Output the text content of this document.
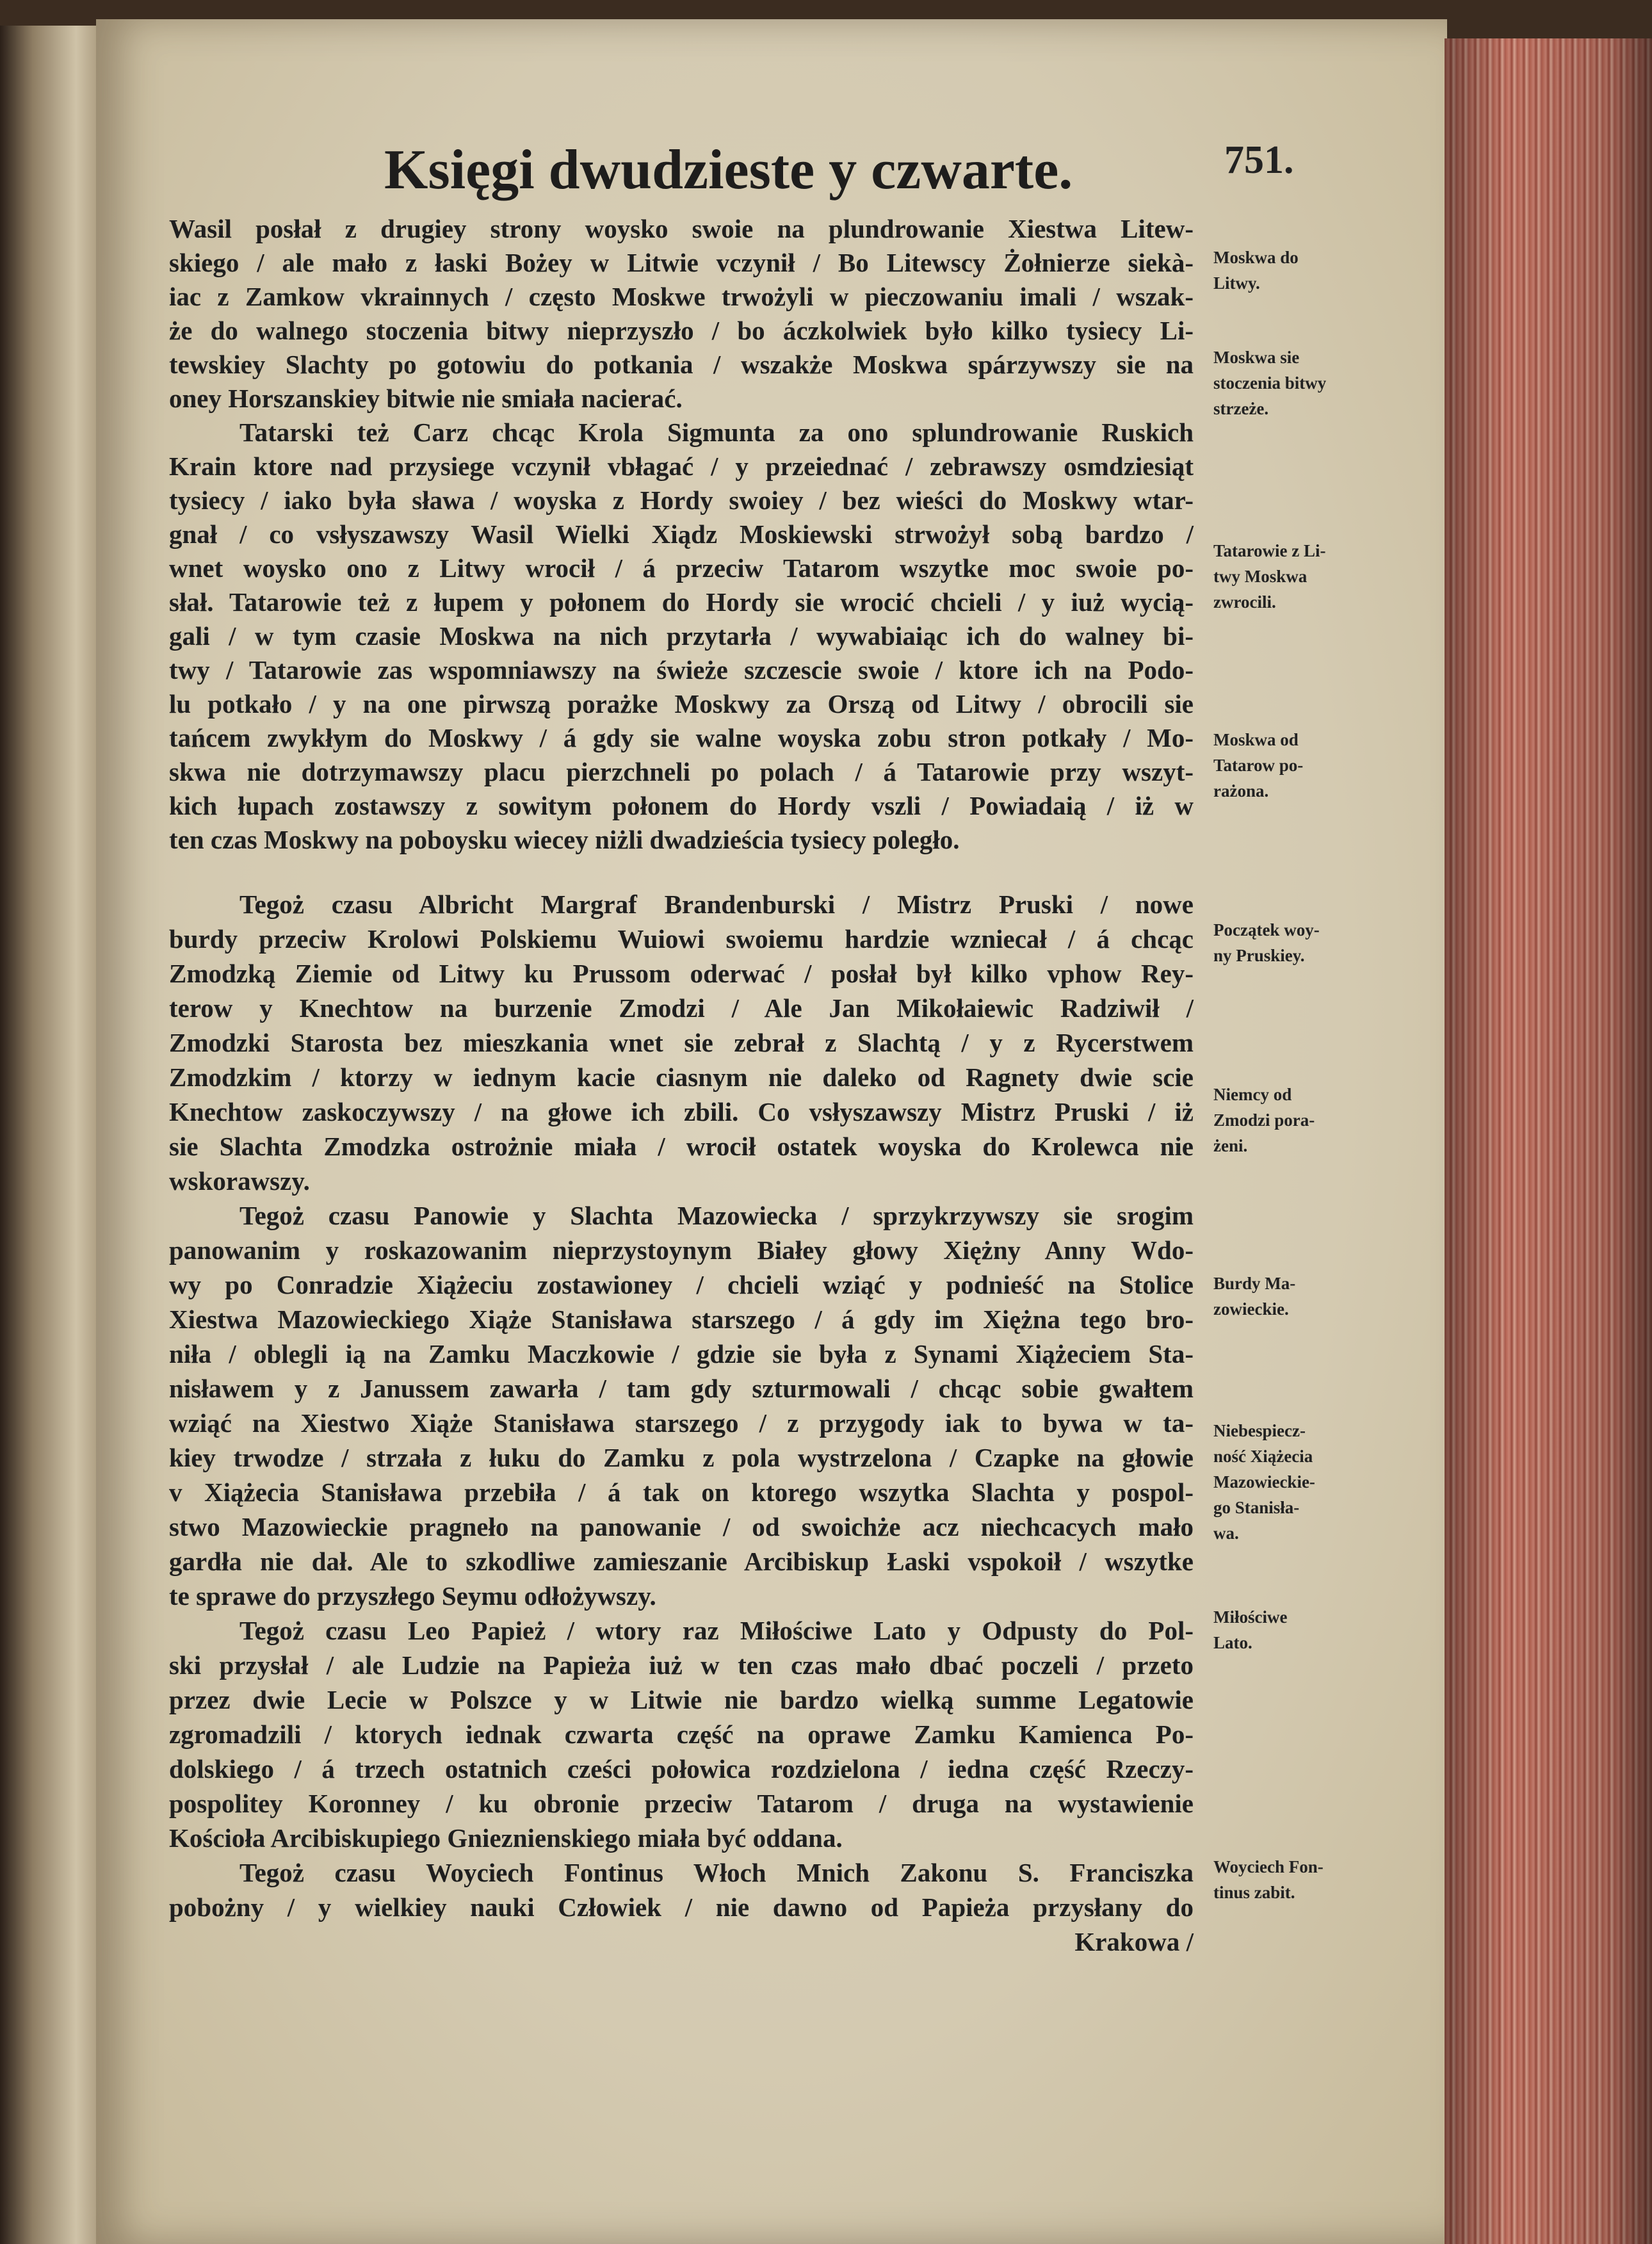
Księgi dwudzieste y czwarte.	751.
Wasil posłał z drugiey strony woysko swoie na plundrowanie Xiestwa Litew-
skiego / ale mało z łaski Bożey w Litwie vczynił / Bo Litewscy Żołnierze siekà-
iac z Zamkow vkrainnych / często Moskwe trwożyli w pieczowaniu imali / wszak-
że do walnego stoczenia bitwy nieprzyszło / bo áczkolwiek było kilko tysiecy Li-
tewskiey Slachty po gotowiu do potkania / wszakże Moskwa spárzywszy sie na
oney Horszanskiey bitwie nie smiała nacierać.
Tatarski też Carz chcąc Krola Sigmunta za ono splundrowanie Ruskich
Krain ktore nad przysiege vczynił vbłagać / y przeiednać / zebrawszy osmdziesiąt
tysiecy / iako była sława / woyska z Hordy swoiey / bez wieści do Moskwy wtar-
gnał / co vsłyszawszy Wasil Wielki Xiądz Moskiewski strwożył sobą bardzo /
wnet woysko ono z Litwy wrocił / á przeciw Tatarom wszytke moc swoie po-
słał. Tatarowie też z łupem y połonem do Hordy sie wrocić chcieli / y iuż wycią-
gali / w tym czasie Moskwa na nich przytarła / wywabiaiąc ich do walney bi-
twy / Tatarowie zas wspomniawszy na świeże szczescie swoie / ktore ich na Podo-
lu potkało / y na one pirwszą porażke Moskwy za Orszą od Litwy / obrocili sie
tańcem zwykłym do Moskwy / á gdy sie walne woyska zobu stron potkały / Mo-
skwa nie dotrzymawszy placu pierzchneli po polach / á Tatarowie przy wszyt-
kich łupach zostawszy z sowitym połonem do Hordy vszli / Powiadaią / iż w
ten czas Moskwy na poboysku wiecey niżli dwadzieścia tysiecy poległo.
Tegoż czasu Albricht Margraf Brandenburski / Mistrz Pruski / nowe
burdy przeciw Krolowi Polskiemu Wuiowi swoiemu hardzie wzniecał / á chcąc
Zmodzką Ziemie od Litwy ku Prussom oderwać / posłał był kilko vphow Rey-
terow y Knechtow na burzenie Zmodzi / Ale Jan Mikołaiewic Radziwił /
Zmodzki Starosta bez mieszkania wnet sie zebrał z Slachtą / y z Rycerstwem
Zmodzkim / ktorzy w iednym kacie ciasnym nie daleko od Ragnety dwie scie
Knechtow zaskoczywszy / na głowe ich zbili. Co vsłyszawszy Mistrz Pruski / iż
sie Slachta Zmodzka ostrożnie miała / wrocił ostatek woyska do Krolewca nie
wskorawszy.
Tegoż czasu Panowie y Slachta Mazowiecka / sprzykrzywszy sie srogim
panowanim y roskazowanim nieprzystoynym Białey głowy Xiężny Anny Wdo-
wy po Conradzie Xiążeciu zostawioney / chcieli wziąć y podnieść na Stolice
Xiestwa Mazowieckiego Xiąże Stanisława starszego / á gdy im Xiężna tego bro-
niła / oblegli ią na Zamku Maczkowie / gdzie sie była z Synami Xiążeciem Sta-
nisławem y z Janussem zawarła / tam gdy szturmowali / chcąc sobie gwałtem
wziąć na Xiestwo Xiąże Stanisława starszego / z przygody iak to bywa w ta-
kiey trwodze / strzała z łuku do Zamku z pola wystrzelona / Czapke na głowie
v Xiążecia Stanisława przebiła / á tak on ktorego wszytka Slachta y pospol-
stwo Mazowieckie pragneło na panowanie / od swoichże acz niechcacych mało
gardła nie dał. Ale to szkodliwe zamieszanie Arcibiskup Łaski vspokoił / wszytke
te sprawe do przyszłego Seymu odłożywszy.
Tegoż czasu Leo Papież / wtory raz Miłościwe Lato y Odpusty do Pol-
ski przysłał / ale Ludzie na Papieża iuż w ten czas mało dbać poczeli / przeto
przez dwie Lecie w Polszce y w Litwie nie bardzo wielką summe Legatowie
zgromadzili / ktorych iednak czwarta część na oprawe Zamku Kamienca Po-
dolskiego / á trzech ostatnich cześci połowica rozdzielona / iedna część Rzeczy-
pospolitey Koronney / ku obronie przeciw Tatarom / druga na wystawienie
Kościoła Arcibiskupiego Gnieznienskiego miała być oddana.
Tegoż czasu Woyciech Fontinus Włoch Mnich Zakonu S. Franciszka
pobożny / y wielkiey nauki Człowiek / nie dawno od Papieża przysłany do
Krakowa /
Moskwa do
Litwy.
Moskwa sie
stoczenia bitwy
strzeże.
Tatarowie z Li-
twy Moskwa
zwrocili.
Moskwa od
Tatarow po-
rażona.
Początek woy-
ny Pruskiey.
Niemcy od
Zmodzi pora-
żeni.
Burdy Ma-
zowieckie.
Niebespiecz-
ność Xiążecia
Mazowieckie-
go Stanisła-
wa.
Miłościwe
Lato.
Woyciech Fon-
tinus zabit.
